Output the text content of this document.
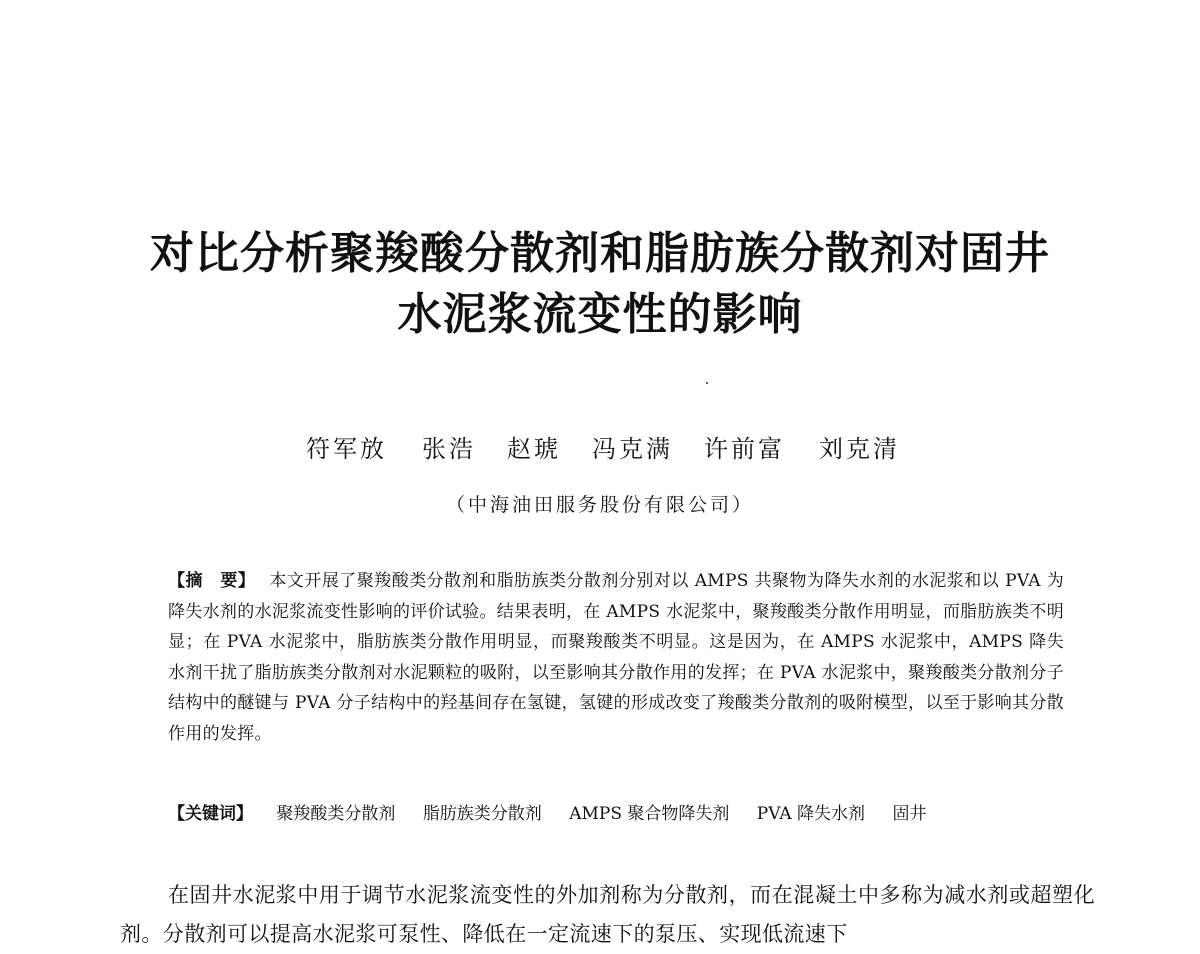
对比分析聚羧酸分散剂和脂肪族分散剂对固井
水泥浆流变性的影响
符军放 张浩 赵琥 冯克满 许前富 刘克清
（中海油田服务股份有限公司）
【摘　要】 本文开展了聚羧酸类分散剂和脂肪族类分散剂分别对以 AMPS 共聚物为降失水剂的水泥浆和以 PVA 为降失水剂的水泥浆流变性影响的评价试验。结果表明，在 AMPS 水泥浆中，聚羧酸类分散作用明显，而脂肪族类不明显；在 PVA 水泥浆中，脂肪族类分散作用明显，而聚羧酸类不明显。这是因为，在 AMPS 水泥浆中，AMPS 降失水剂干扰了脂肪族类分散剂对水泥颗粒的吸附，以至影响其分散作用的发挥；在 PVA 水泥浆中，聚羧酸类分散剂分子结构中的醚键与 PVA 分子结构中的羟基间存在氢键，氢键的形成改变了羧酸类分散剂的吸附模型，以至于影响其分散作用的发挥。
【关键词】 聚羧酸类分散剂 脂肪族类分散剂 AMPS 聚合物降失剂 PVA 降失水剂 固井
在固井水泥浆中用于调节水泥浆流变性的外加剂称为分散剂，而在混凝土中多称为减水剂或超塑化剂。分散剂可以提高水泥浆可泵性、降低在一定流速下的泵压、实现低流速下
